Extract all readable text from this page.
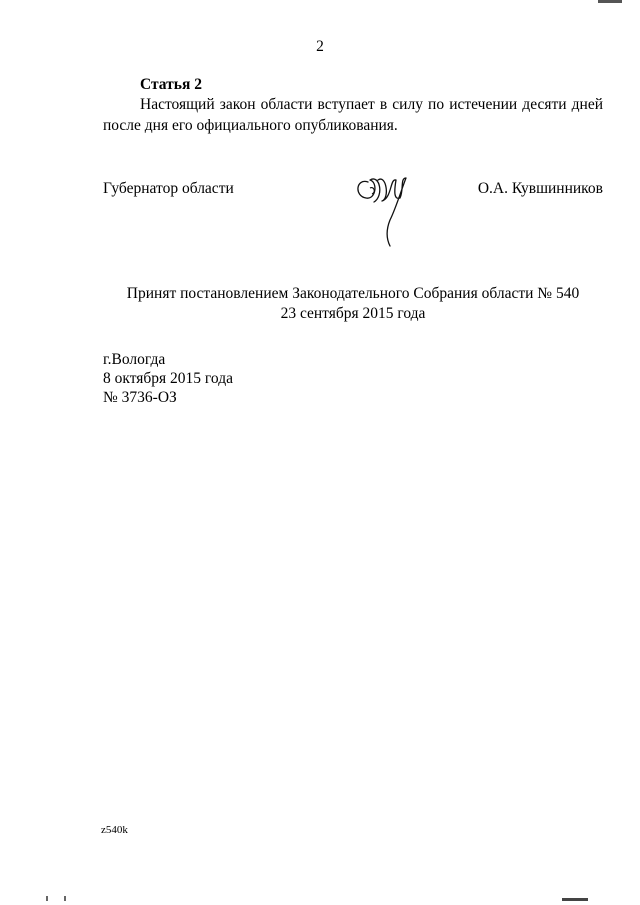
2
Статья 2
Настоящий закон области вступает в силу по истечении десяти дней после дня его официального опубликования.
Губернатор области	О.А. Кувшинников
Принят постановлением Законодательного Собрания области № 540
23 сентября 2015 года
г.Вологда
8 октября 2015 года
№ 3736-ОЗ
z540k
